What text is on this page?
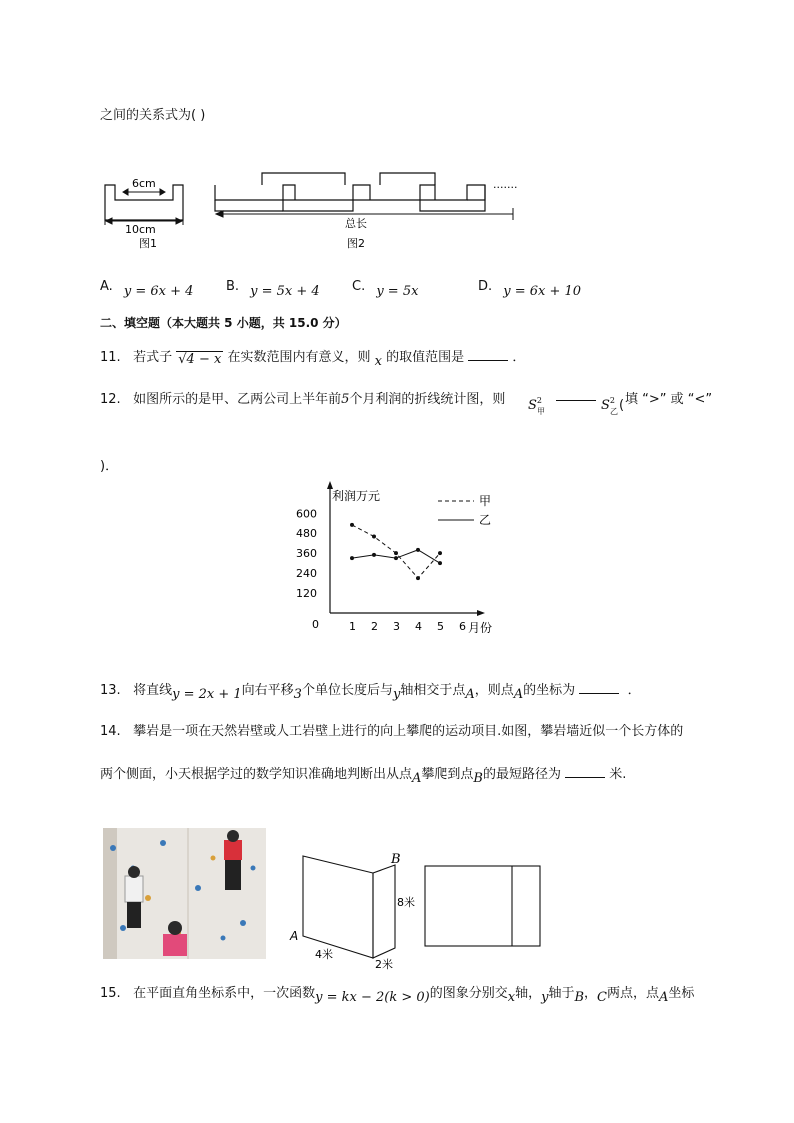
之间的关系式为( )
6cm
10cm
图1
·······
总长
图2
A. $_{y = 6x + 4}$	B. $_{y = 5x + 4}$ C. $_{y = 5x}$	D. $_{y = 6x + 10}$
二、填空题（本大题共 5 小题，共 15.0 分）
11. 若式子 √4 − x 在实数范围内有意义，则 x 的取值范围是	．
12. 如图所示的是甲、乙两公司上半年前5个月利润的折线统计图，则 $S^2_甲$	$S^2_乙$( 填 “>” 或 “<”
)．
利润万元
月份
0	1 2 3 4 5 6
120
240
360
480
600
甲
乙
13. 将直线y = 2x + 1向右平移3个单位长度后与y轴相交于点A，则点A的坐标为	．
14. 攀岩是一项在天然岩壁或人工岩壁上进行的向上攀爬的运动项目.如图，攀岩墙近似一个长方体的
两个侧面，小天根据学过的数学知识准确地判断出从点A攀爬到点B的最短路径为	米.
B
A
8米
4米
2米
15. 在平面直角坐标系中，一次函数y = kx − 2(k > 0)的图象分别交x轴，y轴于B，C两点，点A坐标
